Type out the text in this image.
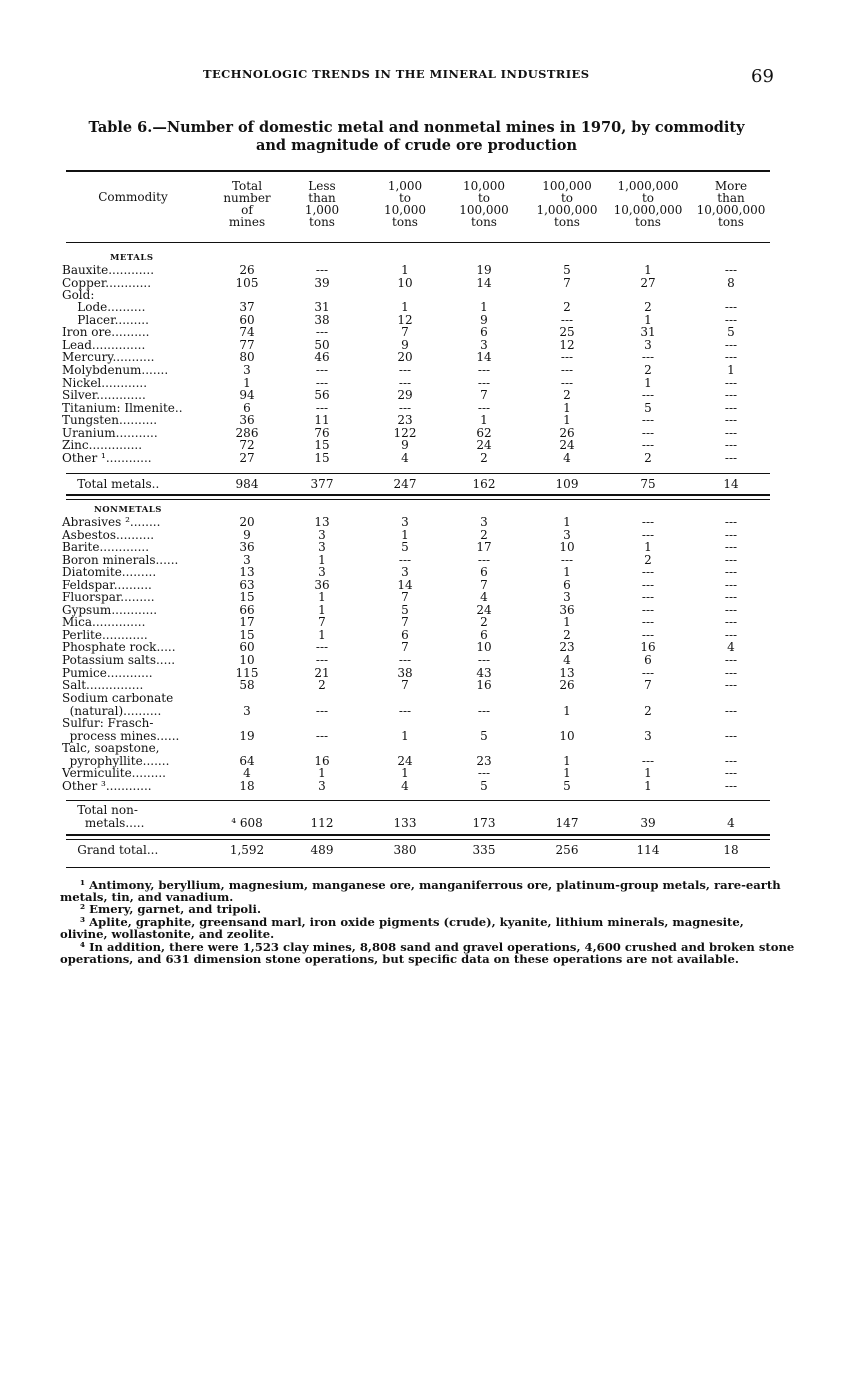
TECHNOLOGIC TRENDS IN THE MINERAL INDUSTRIES	69
Table 6.—Number of domestic metal and nonmetal mines in 1970, by commodity
and magnitude of crude ore production
Commodity
Total
number
of
mines
Less
than
1,000
tons
1,000
to
10,000
tons
10,000
to
100,000
tons
100,000
to
1,000,000
tons
1,000,000
to
10,000,000
tons
More
than
10,000,000
tons
METALS
NONMETALS
Bauxite............	26	---	1	19	5	1	---
Copper............	105	39	10	14	7	27	8
Gold:
Lode..........	37	31	1	1	2	2	---
Placer.........	60	38	12	9	---	1	---
Iron ore..........	74	---	7	6	25	31	5
Lead..............	77	50	9	3	12	3	---
Mercury...........	80	46	20	14	---	---	---
Molybdenum.......	3	---	---	---	---	2	1
Nickel............	1	---	---	---	---	1	---
Silver.............	94	56	29	7	2	---	---
Titanium: Ilmenite..	6	---	---	---	1	5	---
Tungsten..........	36	11	23	1	1	---	---
Uranium...........	286	76	122	62	26	---	---
Zinc..............	72	15	9	24	24	---	---
Other ¹............	27	15	4	2	4	2	---
Total metals..	984	377	247	162	109	75	14
Abrasives ²........	20	13	3	3	1	---	---
Asbestos..........	9	3	1	2	3	---	---
Barite.............	36	3	5	17	10	1	---
Boron minerals......	3	1	---	---	---	2	---
Diatomite.........	13	3	3	6	1	---	---
Feldspar..........	63	36	14	7	6	---	---
Fluorspar.........	15	1	7	4	3	---	---
Gypsum............	66	1	5	24	36	---	---
Mica..............	17	7	7	2	1	---	---
Perlite............	15	1	6	6	2	---	---
Phosphate rock.....	60	---	7	10	23	16	4
Potassium salts.....	10	---	---	---	4	6	---
Pumice............	115	21	38	43	13	---	---
Salt...............	58	2	7	16	26	7	---
Sodium carbonate
(natural)..........	3	---	---	---	1	2	---
Sulfur: Frasch-
process mines......	19	---	1	5	10	3	---
Talc, soapstone,
pyrophyllite.......	64	16	24	23	1	---	---
Vermiculite.........	4	1	1	---	1	1	---
Other ³............	18	3	4	5	5	1	---
Total non-
metals.....	⁴ 608	112	133	173	147	39	4
Grand total...	1,592	489	380	335	256	114	18
¹ Antimony, beryllium, magnesium, manganese ore, manganiferrous ore, platinum-group metals, rare-earth
metals, tin, and vanadium.
² Emery, garnet, and tripoli.
³ Aplite, graphite, greensand marl, iron oxide pigments (crude), kyanite, lithium minerals, magnesite,
olivine, wollastonite, and zeolite.
⁴ In addition, there were 1,523 clay mines, 8,808 sand and gravel operations, 4,600 crushed and broken stone
operations, and 631 dimension stone operations, but specific data on these operations are not available.
